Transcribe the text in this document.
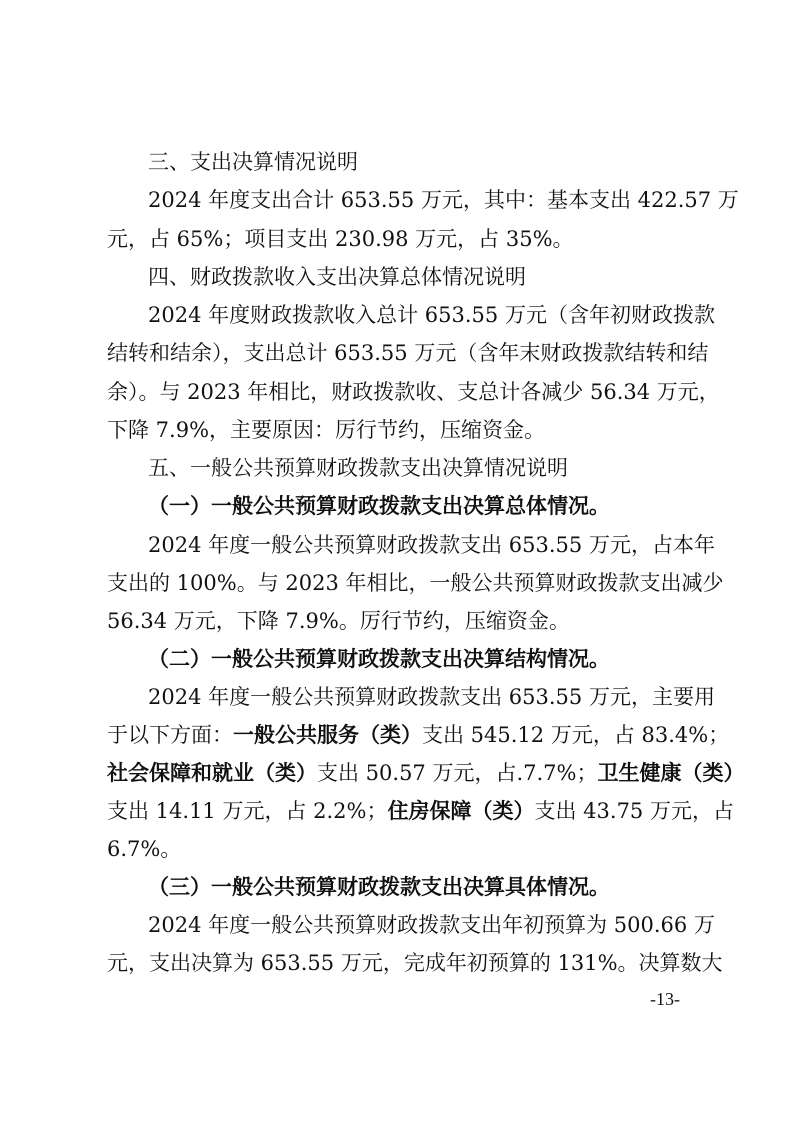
三、支出决算情况说明
2024 年度支出合计 653.55 万元，其中：基本支出 422.57 万
元，占 65%；项目支出 230.98 万元，占 35%。
四、财政拨款收入支出决算总体情况说明
2024 年度财政拨款收入总计 653.55 万元（含年初财政拨款
结转和结余），支出总计 653.55 万元（含年末财政拨款结转和结
余）。与 2023 年相比，财政拨款收、支总计各减少 56.34 万元，
下降 7.9%，主要原因：厉行节约，压缩资金。
五、一般公共预算财政拨款支出决算情况说明
（一）一般公共预算财政拨款支出决算总体情况。
2024 年度一般公共预算财政拨款支出 653.55 万元，占本年
支出的 100%。与 2023 年相比，一般公共预算财政拨款支出减少
56.34 万元，下降 7.9%。厉行节约，压缩资金。
（二）一般公共预算财政拨款支出决算结构情况。
2024 年度一般公共预算财政拨款支出 653.55 万元，主要用
于以下方面：一般公共服务（类）支出 545.12 万元，占 83.4%；
社会保障和就业（类）支出 50.57 万元，占.7.7%；卫生健康（类）
支出 14.11 万元，占 2.2%；住房保障（类）支出 43.75 万元，占
6.7%。
（三）一般公共预算财政拨款支出决算具体情况。
2024 年度一般公共预算财政拨款支出年初预算为 500.66 万
元，支出决算为 653.55 万元，完成年初预算的 131%。决算数大
-13-
